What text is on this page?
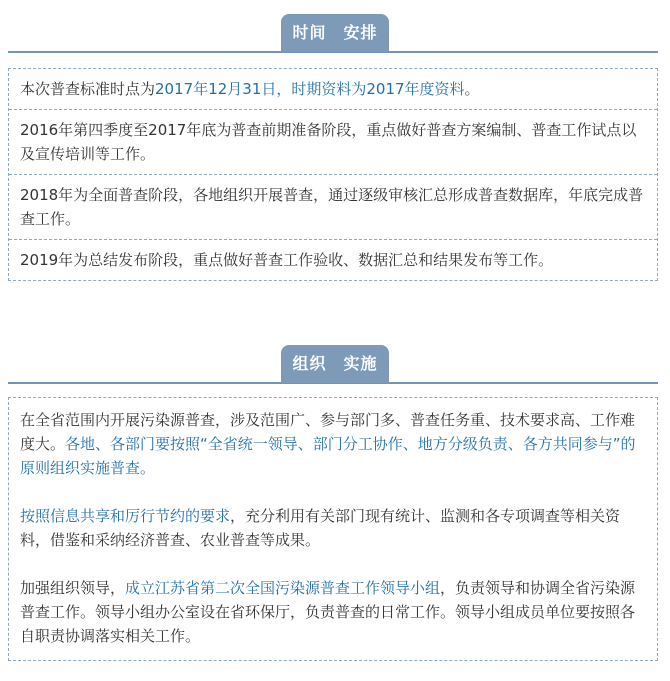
时间　安排
本次普查标准时点为2017年12月31日，时期资料为2017年度资料。
2016年第四季度至2017年底为普查前期准备阶段，重点做好普查方案编制、普查工作试点以及宣传培训等工作。
2018年为全面普查阶段，各地组织开展普查，通过逐级审核汇总形成普查数据库，年底完成普查工作。
2019年为总结发布阶段，重点做好普查工作验收、数据汇总和结果发布等工作。
组织　实施

在全省范围内开展污染源普查，涉及范围广、参与部门多、普查任务重、技术要求高、工作难度大。各地、各部门要按照“全省统一领导、部门分工协作、地方分级负责、各方共同参与”的原则组织实施普查。

按照信息共享和厉行节约的要求，充分利用有关部门现有统计、监测和各专项调查等相关资料，借鉴和采纳经济普查、农业普查等成果。

加强组织领导，成立江苏省第二次全国污染源普查工作领导小组，负责领导和协调全省污染源普查工作。领导小组办公室设在省环保厅，负责普查的日常工作。领导小组成员单位要按照各自职责协调落实相关工作。
